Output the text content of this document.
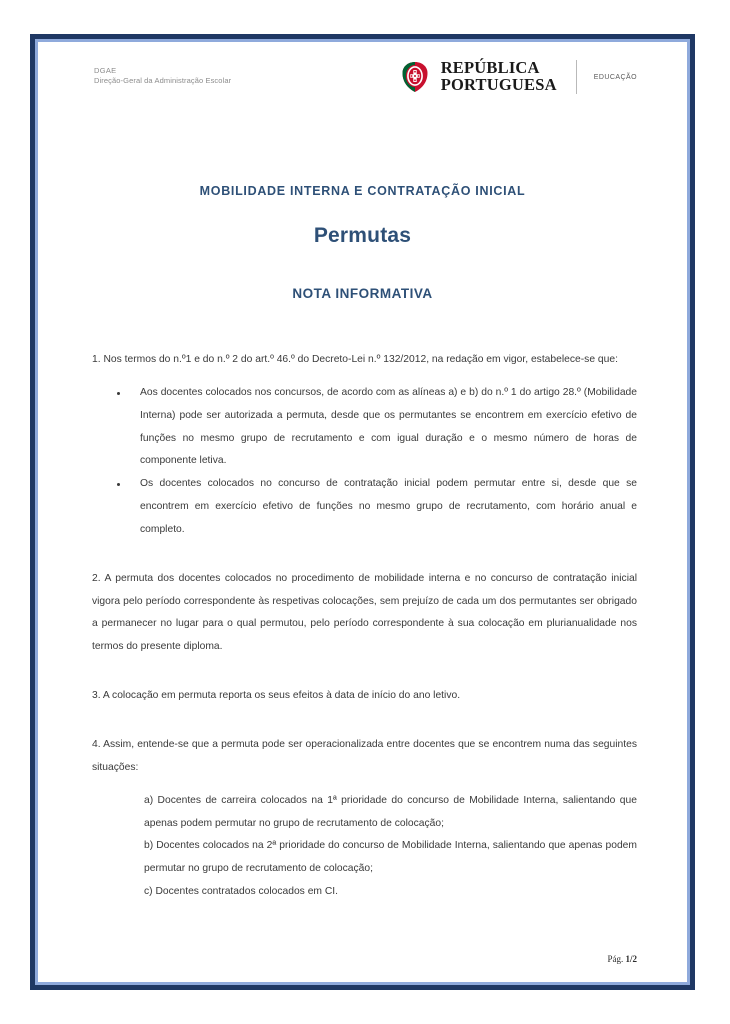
DGAE
Direção-Geral da Administração Escolar
REPÚBLICA
PORTUGUESA	EDUCAÇÃO
MOBILIDADE INTERNA E CONTRATAÇÃO INICIAL
Permutas
NOTA INFORMATIVA

1. Nos termos do n.º1 e do n.º 2 do art.º 46.º do Decreto-Lei n.º 132/2012, na redação em vigor, estabelece-se que:

Aos docentes colocados nos concursos, de acordo com as alíneas a) e b) do n.º 1 do artigo 28.º (Mobilidade Interna) pode ser autorizada a permuta, desde que os permutantes se encontrem em exercício efetivo de funções no mesmo grupo de recrutamento e com igual duração e o mesmo número de horas de componente letiva.
Os docentes colocados no concurso de contratação inicial podem permutar entre si, desde que se encontrem em exercício efetivo de funções no mesmo grupo de recrutamento, com horário anual e completo.

2. A permuta dos docentes colocados no procedimento de mobilidade interna e no concurso de contratação inicial vigora pelo período correspondente às respetivas colocações, sem prejuízo de cada um dos permutantes ser obrigado a permanecer no lugar para o qual permutou, pelo período correspondente à sua colocação em plurianualidade nos termos do presente diploma.

3. A colocação em permuta reporta os seus efeitos à data de início do ano letivo.

4. Assim, entende-se que a permuta pode ser operacionalizada entre docentes que se encontrem numa das seguintes situações:

a) Docentes de carreira colocados na 1ª prioridade do concurso de Mobilidade Interna, salientando que apenas podem permutar no grupo de recrutamento de colocação;

b) Docentes colocados na 2ª prioridade do concurso de Mobilidade Interna, salientando que apenas podem permutar no grupo de recrutamento de colocação;

c) Docentes contratados colocados em CI.

Pág. 1/2
